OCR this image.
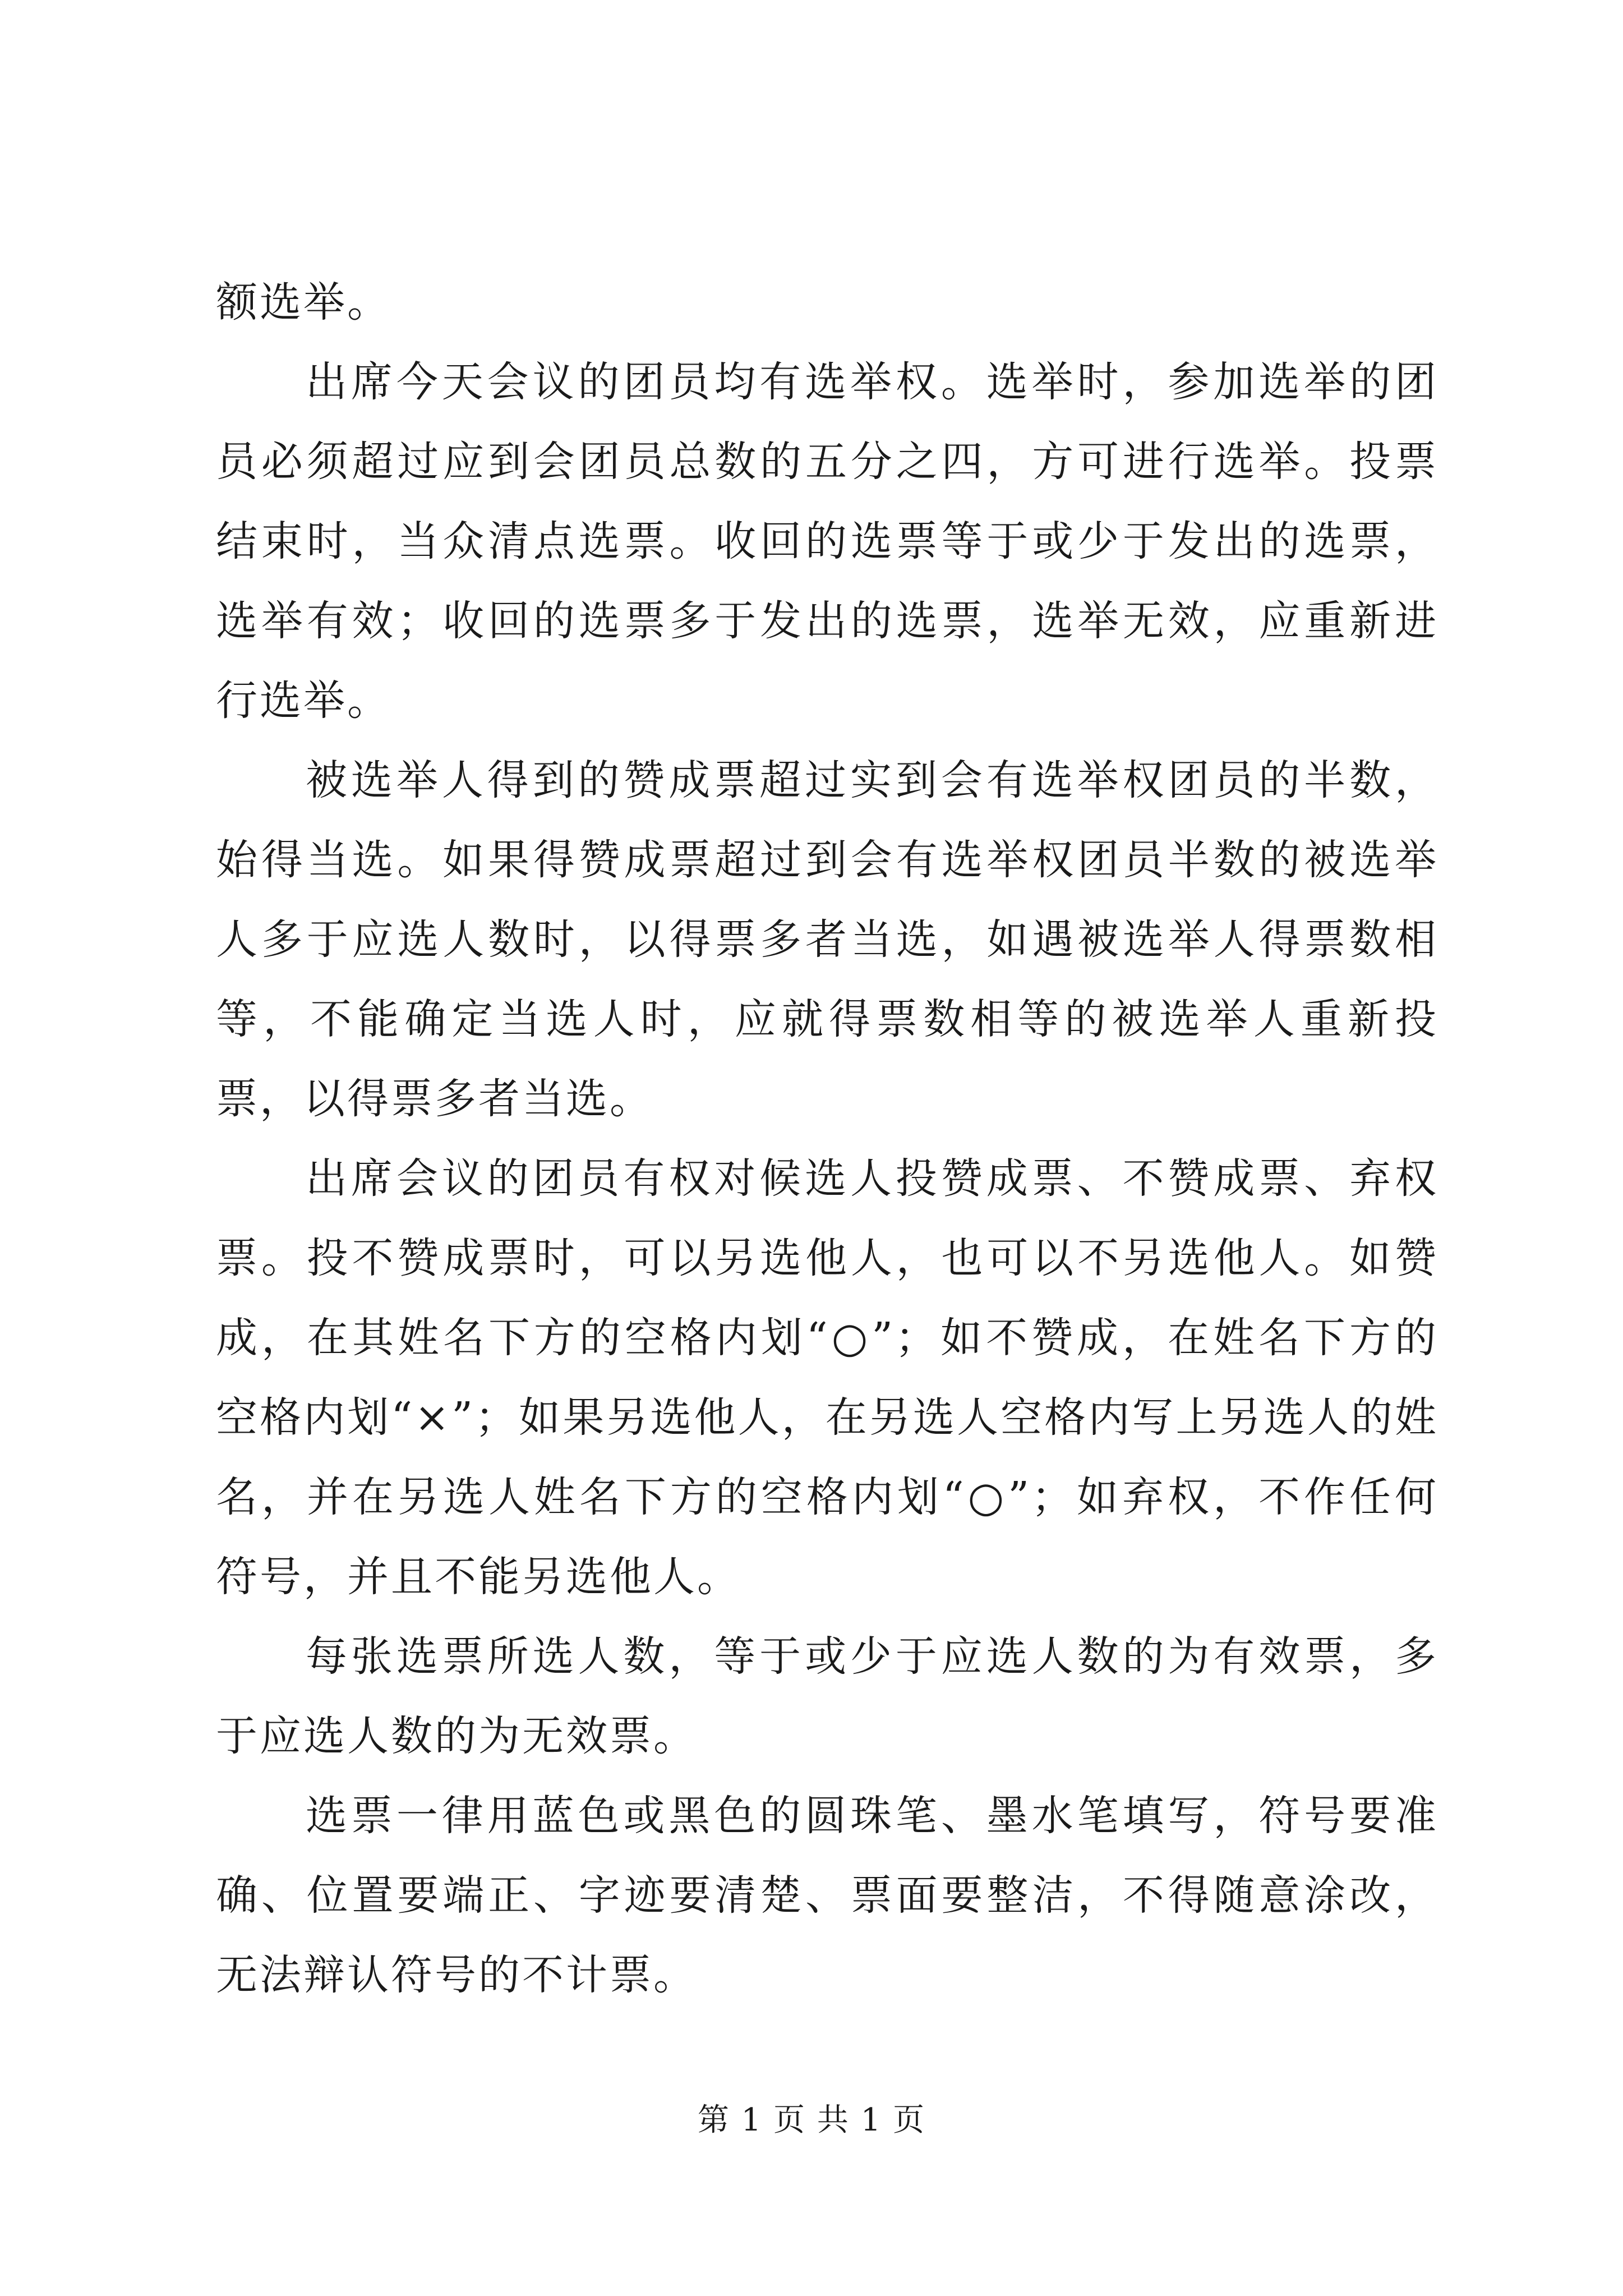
额选举。

出席今天会议的团员均有选举权。选举时，参加选举的团员必须超过应到会团员总数的五分之四，方可进行选举。投票结束时，当众清点选票。收回的选票等于或少于发出的选票，选举有效；收回的选票多于发出的选票，选举无效，应重新进行选举。

被选举人得到的赞成票超过实到会有选举权团员的半数，始得当选。如果得赞成票超过到会有选举权团员半数的被选举人多于应选人数时，以得票多者当选，如遇被选举人得票数相等，不能确定当选人时，应就得票数相等的被选举人重新投票，以得票多者当选。

出席会议的团员有权对候选人投赞成票、不赞成票、弃权票。投不赞成票时，可以另选他人，也可以不另选他人。如赞成，在其姓名下方的空格内划“○”；如不赞成，在姓名下方的空格内划“×”；如果另选他人，在另选人空格内写上另选人的姓名，并在另选人姓名下方的空格内划“○”；如弃权，不作任何符号，并且不能另选他人。

每张选票所选人数，等于或少于应选人数的为有效票，多于应选人数的为无效票。

选票一律用蓝色或黑色的圆珠笔、墨水笔填写，符号要准确、位置要端正、字迹要清楚、票面要整洁，不得随意涂改，无法辩认符号的不计票。

第 1 页 共 1 页
